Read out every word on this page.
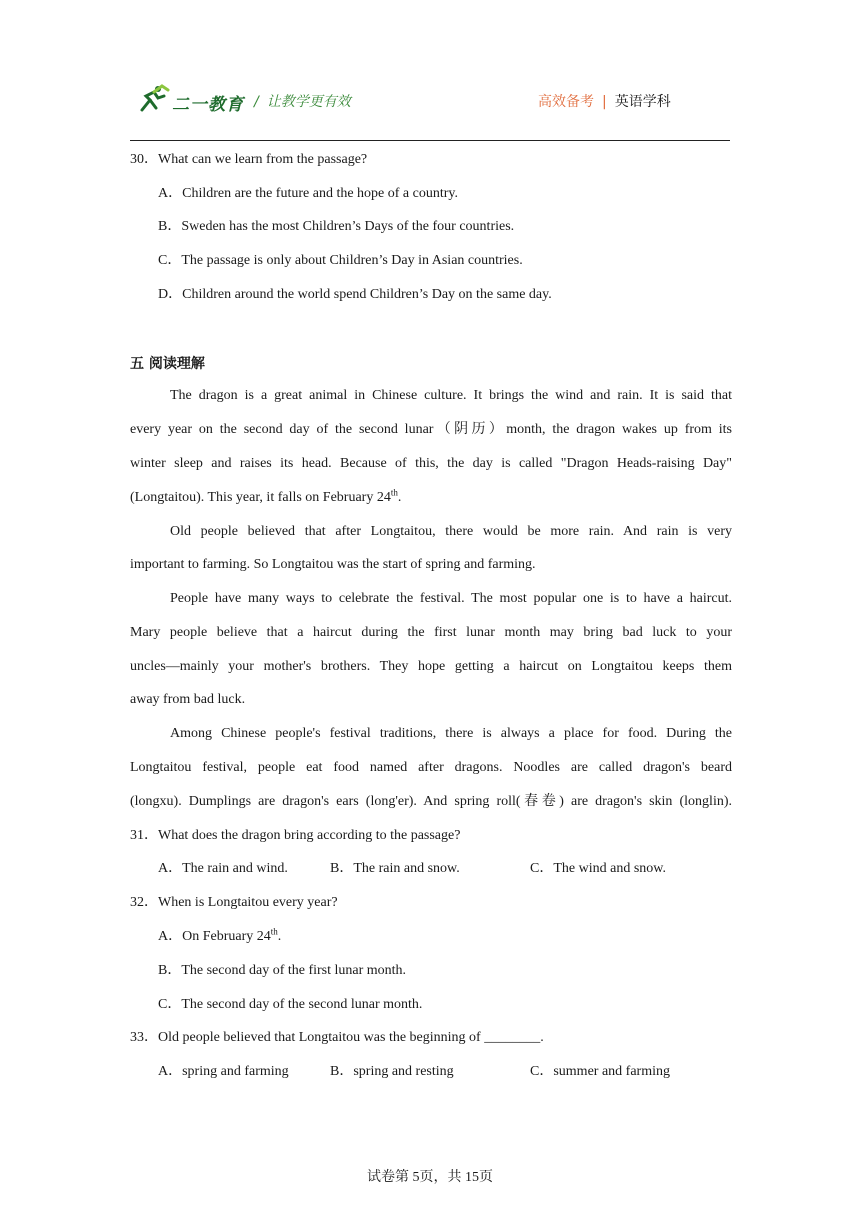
二一教育 / 让教学更有效	高效备考 | 英语学科
30．What can we learn from the passage?
A．Children are the future and the hope of a country.
B．Sweden has the most Children’s Days of the four countries.
C．The passage is only about Children’s Day in Asian countries.
D．Children around the world spend Children’s Day on the same day.
五 阅读理解
The dragon is a great animal in Chinese culture. It brings the wind and rain. It is said that
every year on the second day of the second lunar（阴历）month, the dragon wakes up from its
winter sleep and raises its head. Because of this, the day is called "Dragon Heads-raising Day"
(Longtaitou). This year, it falls on February 24th.
Old people believed that after Longtaitou, there would be more rain. And rain is very
important to farming. So Longtaitou was the start of spring and farming.
People have many ways to celebrate the festival. The most popular one is to have a haircut.
Mary people believe that a haircut during the first lunar month may bring bad luck to your
uncles—mainly your mother's brothers. They hope getting a haircut on Longtaitou keeps them
away from bad luck.
Among Chinese people's festival traditions, there is always a place for food. During the
Longtaitou festival, people eat food named after dragons. Noodles are called dragon's beard
(longxu). Dumplings are dragon's ears (long'er). And spring roll(春卷) are dragon's skin (longlin).
31．What does the dragon bring according to the passage?
A．The rain and wind.	B．The rain and snow.	C．The wind and snow.
32．When is Longtaitou every year?
A．On February 24th.
B．The second day of the first lunar month.
C．The second day of the second lunar month.
33．Old people believed that Longtaitou was the beginning of ________.
A．spring and farming	B．spring and resting	C．summer and farming
试卷第 5页，共 15页
